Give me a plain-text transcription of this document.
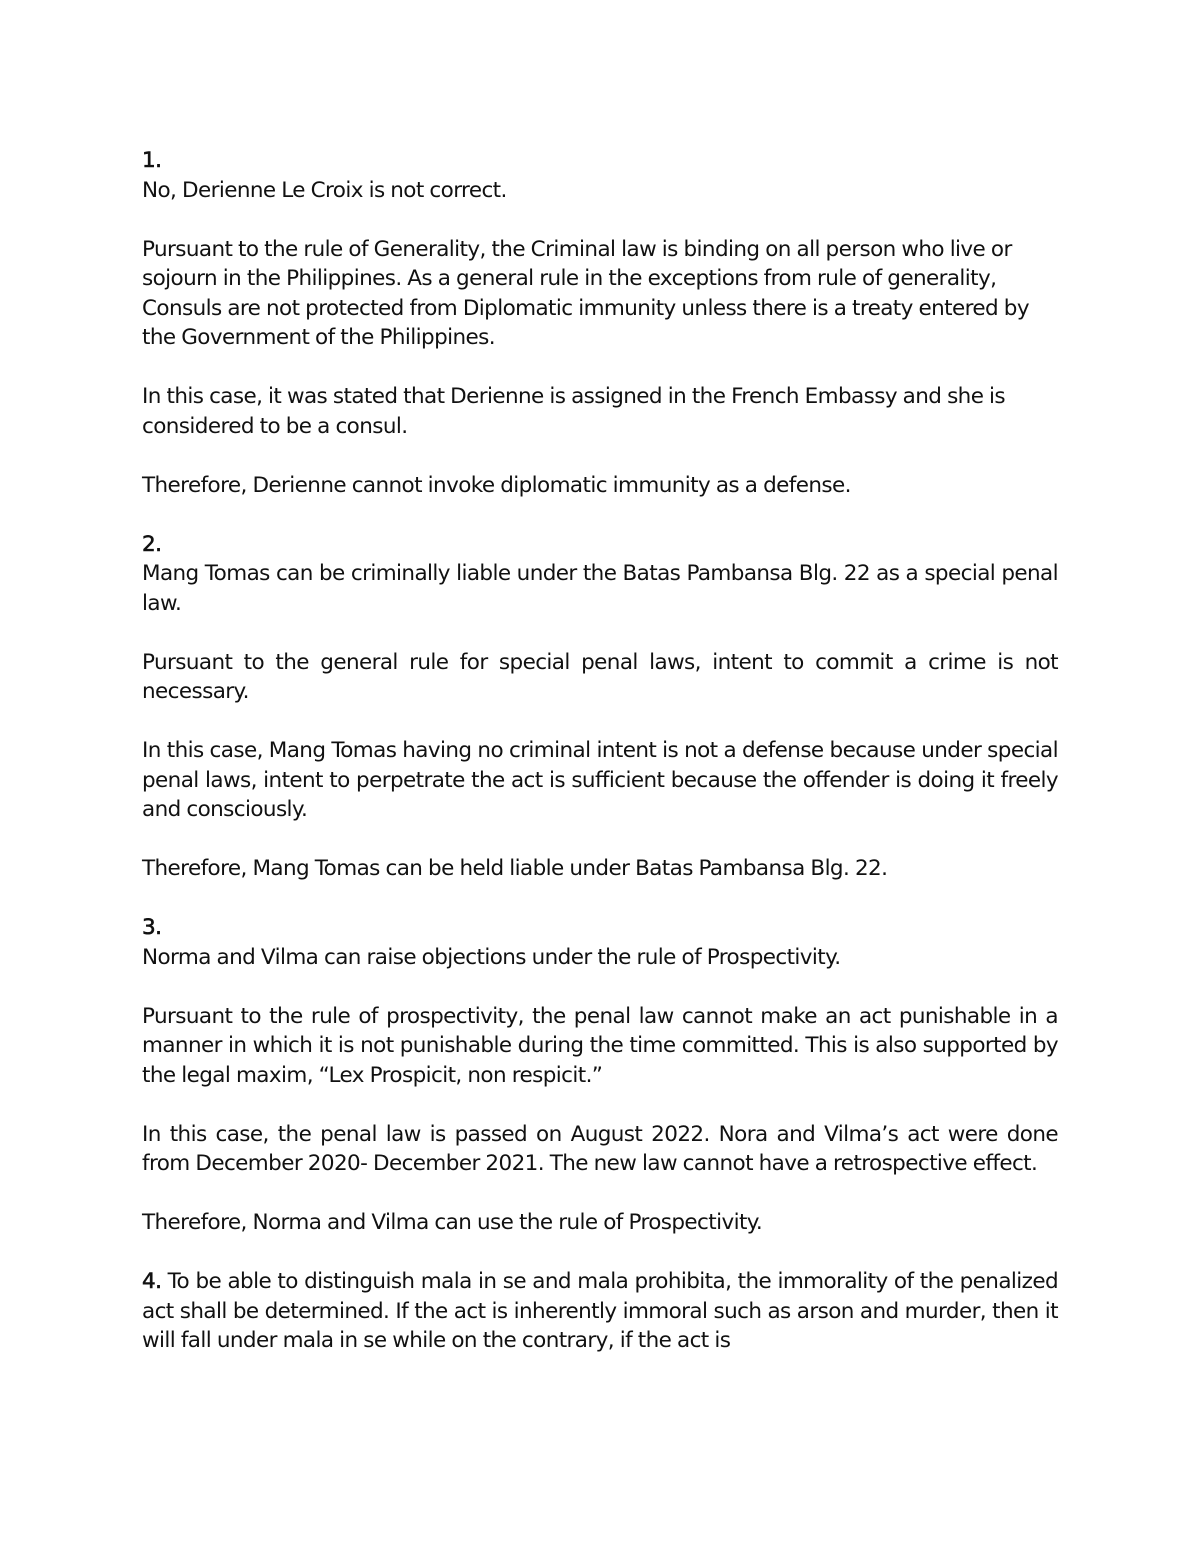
1.

No, Derienne Le Croix is not correct.

Pursuant to the rule of Generality, the Criminal law is binding on all person who live or sojourn in the Philippines. As a general rule in the exceptions from rule of generality, Consuls are not protected from Diplomatic immunity unless there is a treaty entered by the Government of the Philippines.

In this case, it was stated that Derienne is assigned in the French Embassy and she is considered to be a consul.

Therefore, Derienne cannot invoke diplomatic immunity as a defense.

2.

Mang Tomas can be criminally liable under the Batas Pambansa Blg. 22 as a special penal law.

Pursuant to the general rule for special penal laws, intent to commit a crime is not necessary.

In this case, Mang Tomas having no criminal intent is not a defense because under special penal laws, intent to perpetrate the act is sufficient because the offender is doing it freely and consciously.

Therefore, Mang Tomas can be held liable under Batas Pambansa Blg. 22.

3.

Norma and Vilma can raise objections under the rule of Prospectivity.

Pursuant to the rule of prospectivity, the penal law cannot make an act punishable in a manner in which it is not punishable during the time committed. This is also supported by the legal maxim, “Lex Prospicit, non respicit.”

In this case, the penal law is passed on August 2022. Nora and Vilma’s act were done from December 2020- December 2021. The new law cannot have a retrospective effect.

Therefore, Norma and Vilma can use the rule of Prospectivity.

4. To be able to distinguish mala in se and mala prohibita, the immorality of the penalized act shall be determined. If the act is inherently immoral such as arson and murder, then it will fall under mala in se while on the contrary, if the act is
